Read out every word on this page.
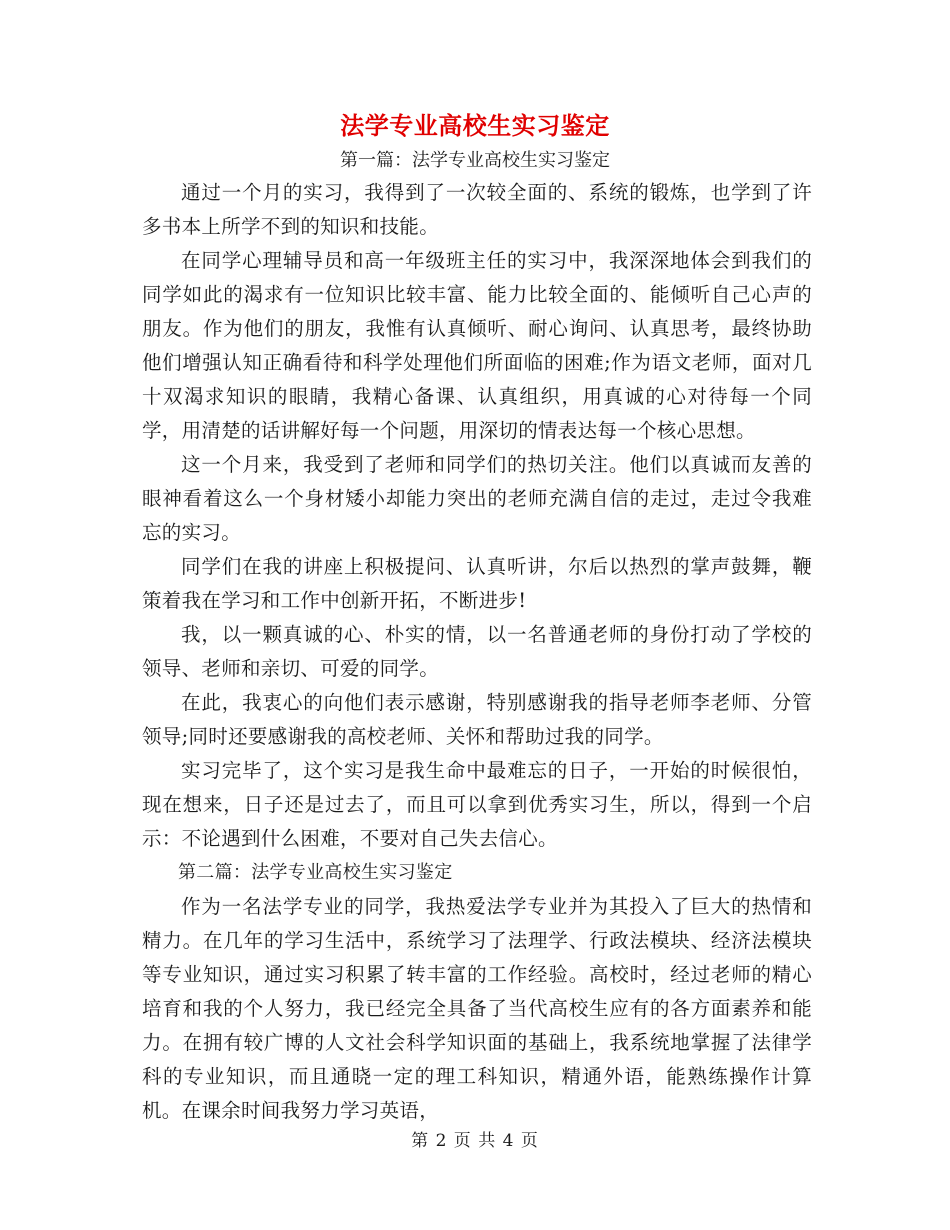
法学专业高校生实习鉴定
第一篇：法学专业高校生实习鉴定

通过一个月的实习，我得到了一次较全面的、系统的锻炼，也学到了许多书本上所学不到的知识和技能。

在同学心理辅导员和高一年级班主任的实习中，我深深地体会到我们的同学如此的渴求有一位知识比较丰富、能力比较全面的、能倾听自己心声的朋友。作为他们的朋友，我惟有认真倾听、耐心询问、认真思考，最终协助他们增强认知正确看待和科学处理他们所面临的困难;作为语文老师，面对几十双渴求知识的眼睛，我精心备课、认真组织，用真诚的心对待每一个同学，用清楚的话讲解好每一个问题，用深切的情表达每一个核心思想。

这一个月来，我受到了老师和同学们的热切关注。他们以真诚而友善的眼神看着这么一个身材矮小却能力突出的老师充满自信的走过，走过令我难忘的实习。

同学们在我的讲座上积极提问、认真听讲，尔后以热烈的掌声鼓舞，鞭策着我在学习和工作中创新开拓，不断进步!

我，以一颗真诚的心、朴实的情，以一名普通老师的身份打动了学校的领导、老师和亲切、可爱的同学。

在此，我衷心的向他们表示感谢，特别感谢我的指导老师李老师、分管领导;同时还要感谢我的高校老师、关怀和帮助过我的同学。

实习完毕了，这个实习是我生命中最难忘的日子，一开始的时候很怕，现在想来，日子还是过去了，而且可以拿到优秀实习生，所以，得到一个启示：不论遇到什么困难，不要对自己失去信心。

第二篇：法学专业高校生实习鉴定

作为一名法学专业的同学，我热爱法学专业并为其投入了巨大的热情和精力。在几年的学习生活中，系统学习了法理学、行政法模块、经济法模块等专业知识，通过实习积累了转丰富的工作经验。高校时，经过老师的精心培育和我的个人努力，我已经完全具备了当代高校生应有的各方面素养和能力。在拥有较广博的人文社会科学知识面的基础上，我系统地掌握了法律学科的专业知识，而且通晓一定的理工科知识，精通外语，能熟练操作计算机。在课余时间我努力学习英语，

第 2 页 共 4 页
